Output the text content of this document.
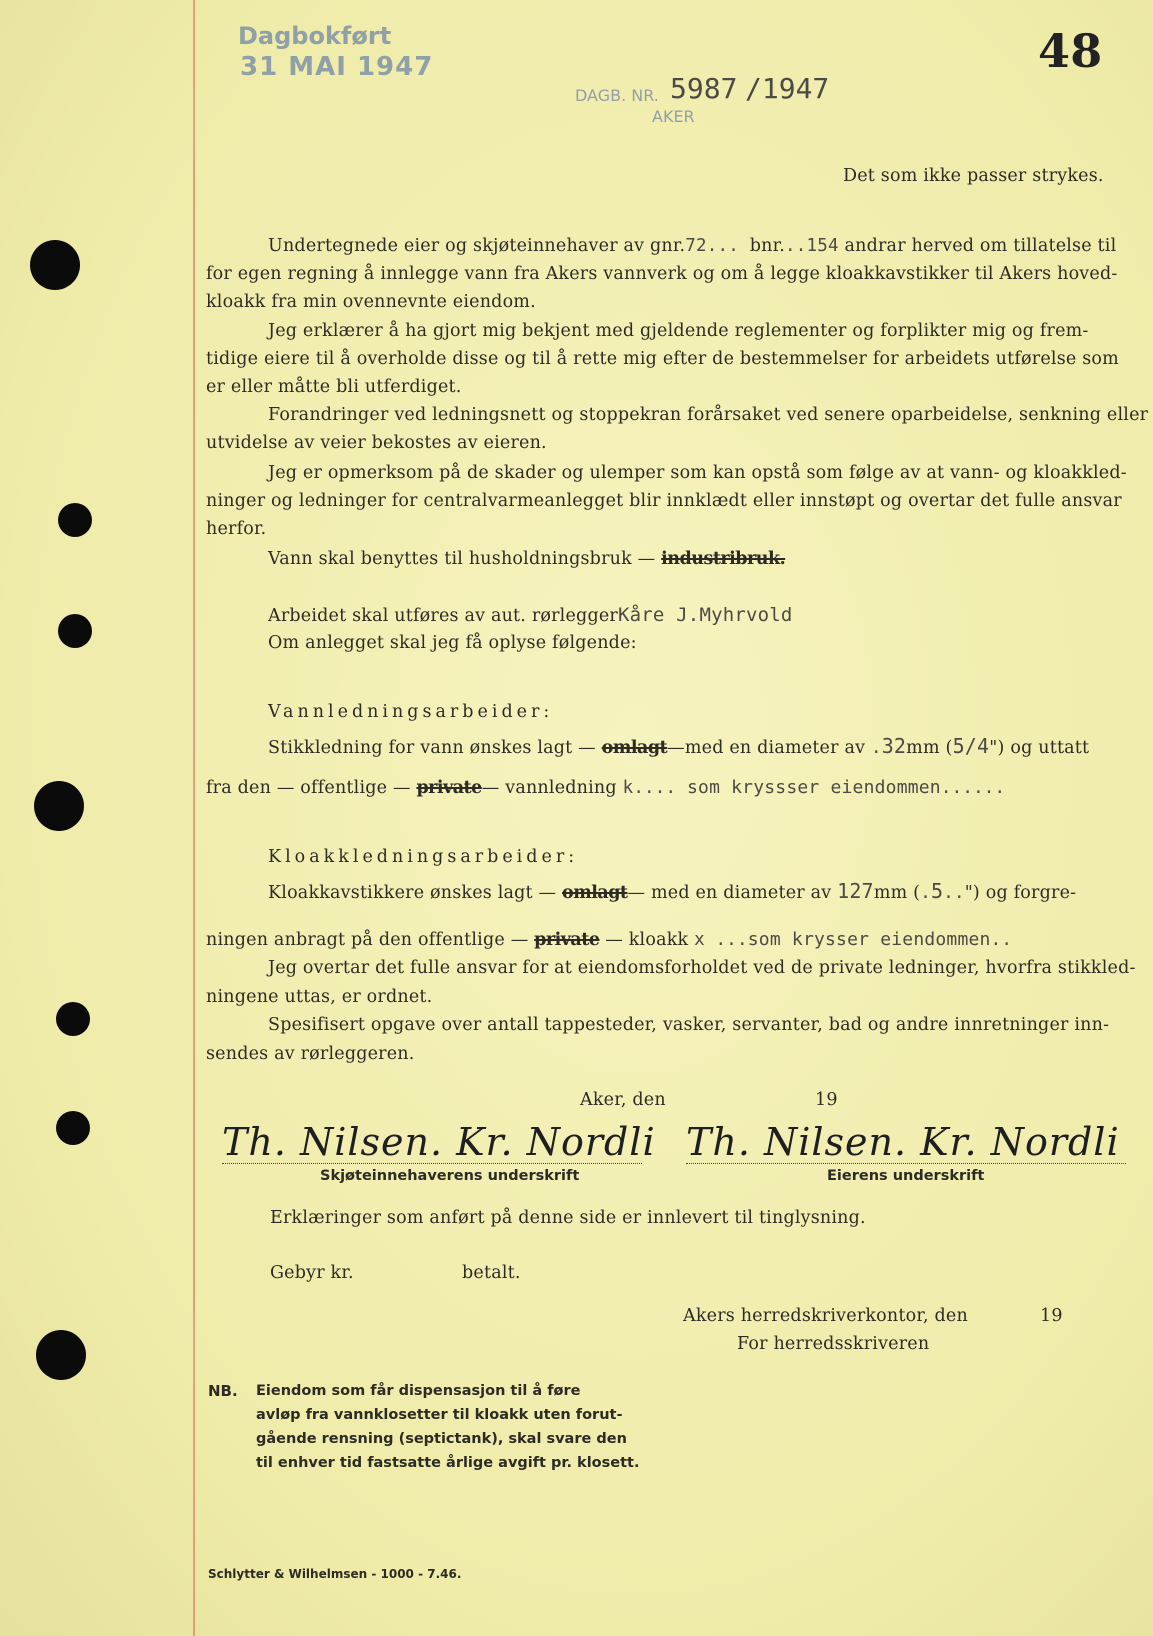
Dagbokført
31 MAI 1947
DAGB. NR. 5987 /1947
AKER
48
Det som ikke passer strykes.
Undertegnede eier og skjøteinnehaver av gnr.72... bnr...154 andrar herved om tillatelse til
for egen regning å innlegge vann fra Akers vannverk og om å legge kloakkavstikker til Akers hoved-
kloakk fra min ovennevnte eiendom.
Jeg erklærer å ha gjort mig bekjent med gjeldende reglementer og forplikter mig og frem-
tidige eiere til å overholde disse og til å rette mig efter de bestemmelser for arbeidets utførelse som
er eller måtte bli utferdiget.
Forandringer ved ledningsnett og stoppekran forårsaket ved senere oparbeidelse, senkning eller
utvidelse av veier bekostes av eieren.
Jeg er opmerksom på de skader og ulemper som kan opstå som følge av at vann- og kloakkled-
ninger og ledninger for centralvarmeanlegget blir innklædt eller innstøpt og overtar det fulle ansvar
herfor.
Vann skal benyttes til husholdningsbruk — industribruk.
Arbeidet skal utføres av aut. rørleggerKåre J.Myhrvold
Om anlegget skal jeg få oplyse følgende:
Vannledningsarbeider:
Stikkledning for vann ønskes lagt — omlagt—med en diameter av .32mm (5/4") og uttatt
fra den — offentlige — private— vannledning k.... som kryssser eiendommen......
Kloakkledningsarbeider:
Kloakkavstikkere ønskes lagt — omlagt— med en diameter av 127mm (.5..") og forgre-
ningen anbragt på den offentlige — private — kloakk x ...som krysser eiendommen..
Jeg overtar det fulle ansvar for at eiendomsforholdet ved de private ledninger, hvorfra stikkled-
ningene uttas, er ordnet.
Spesifisert opgave over antall tappesteder, vasker, servanter, bad og andre innretninger inn-
sendes av rørleggeren.
Aker, den	19
Th. Nilsen. Kr. Nordli Th. Nilsen. Kr. Nordli
Skjøteinnehaverens underskrift	Eierens underskrift
Erklæringer som anført på denne side er innlevert til tinglysning.
Gebyr kr.	betalt.
Akers herredskriverkontor, den	19
For herredsskriveren
NB. Eiendom som får dispensasjon til å føre
avløp fra vannklosetter til kloakk uten forut-
gående rensning (septictank), skal svare den
til enhver tid fastsatte årlige avgift pr. klosett.
Schlytter & Wilhelmsen - 1000 - 7.46.
